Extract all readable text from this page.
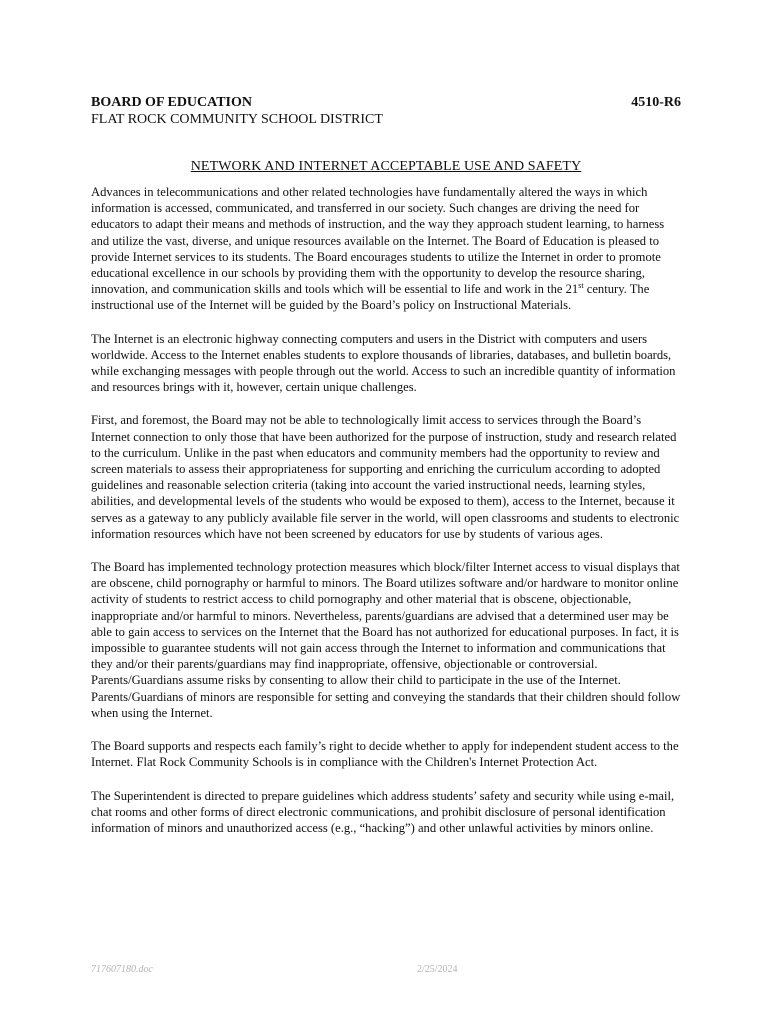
BOARD OF EDUCATION	4510-R6
FLAT ROCK COMMUNITY SCHOOL DISTRICT
NETWORK AND INTERNET ACCEPTABLE USE AND SAFETY

Advances in telecommunications and other related technologies have fundamentally altered the ways in which information is accessed, communicated, and transferred in our society. Such changes are driving the need for educators to adapt their means and methods of instruction, and the way they approach student learning, to harness and utilize the vast, diverse, and unique resources available on the Internet. The Board of Education is pleased to provide Internet services to its students. The Board encourages students to utilize the Internet in order to promote educational excellence in our schools by providing them with the opportunity to develop the resource sharing, innovation, and communication skills and tools which will be essential to life and work in the 21st century. The instructional use of the Internet will be guided by the Board’s policy on Instructional Materials.

The Internet is an electronic highway connecting computers and users in the District with computers and users worldwide. Access to the Internet enables students to explore thousands of libraries, databases, and bulletin boards, while exchanging messages with people through out the world. Access to such an incredible quantity of information and resources brings with it, however, certain unique challenges.

First, and foremost, the Board may not be able to technologically limit access to services through the Board’s Internet connection to only those that have been authorized for the purpose of instruction, study and research related to the curriculum. Unlike in the past when educators and community members had the opportunity to review and screen materials to assess their appropriateness for supporting and enriching the curriculum according to adopted guidelines and reasonable selection criteria (taking into account the varied instructional needs, learning styles, abilities, and developmental levels of the students who would be exposed to them), access to the Internet, because it serves as a gateway to any publicly available file server in the world, will open classrooms and students to electronic information resources which have not been screened by educators for use by students of various ages.

The Board has implemented technology protection measures which block/filter Internet access to visual displays that are obscene, child pornography or harmful to minors. The Board utilizes software and/or hardware to monitor online activity of students to restrict access to child pornography and other material that is obscene, objectionable, inappropriate and/or harmful to minors. Nevertheless, parents/guardians are advised that a determined user may be able to gain access to services on the Internet that the Board has not authorized for educational purposes. In fact, it is impossible to guarantee students will not gain access through the Internet to information and communications that they and/or their parents/guardians may find inappropriate, offensive, objectionable or controversial. Parents/Guardians assume risks by consenting to allow their child to participate in the use of the Internet. Parents/Guardians of minors are responsible for setting and conveying the standards that their children should follow when using the Internet.

The Board supports and respects each family’s right to decide whether to apply for independent student access to the Internet. Flat Rock Community Schools is in compliance with the Children's Internet Protection Act.

The Superintendent is directed to prepare guidelines which address students’ safety and security while using e-mail, chat rooms and other forms of direct electronic communications, and prohibit disclosure of personal identification information of minors and unauthorized access (e.g., “hacking”) and other unlawful activities by minors online.

717607180.doc	2/25/2024
